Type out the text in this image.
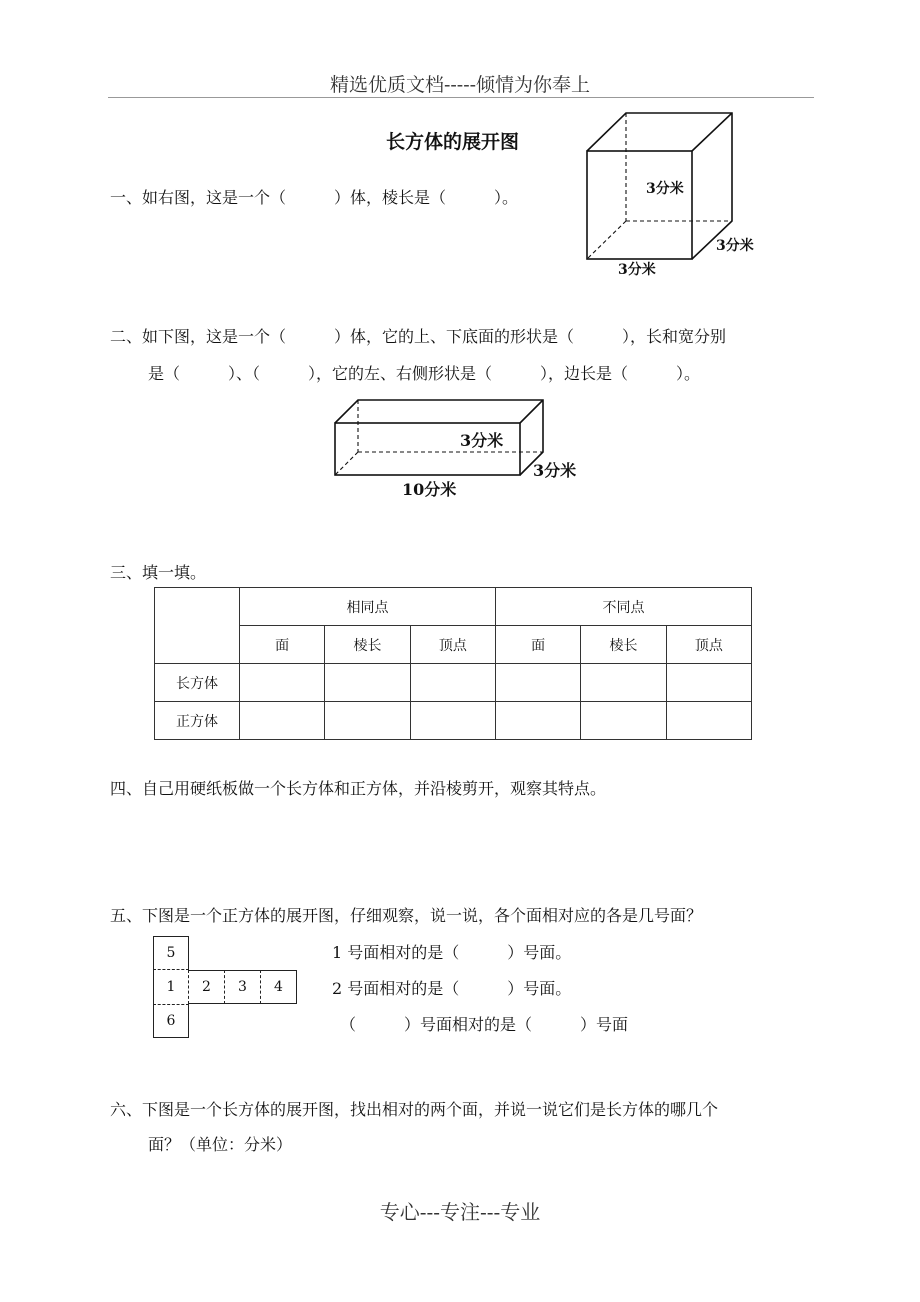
精选优质文档-----倾情为你奉上
长方体的展开图
一、如右图，这是一个（　　　）体，棱长是（　　　）。	3分米
3分米
3分米
二、如下图，这是一个（　　　）体，它的上、下底面的形状是（　　　），长和宽分别
是（　　　）、（　　　），它的左、右侧形状是（　　　），边长是（　　　）。
3分米
3分米
10分米
三、填一填。
	相同点			不同点		
	面	棱长	顶点	面	棱长	顶点
长方体						
正方体						
四、自己用硬纸板做一个长方体和正方体，并沿棱剪开，观察其特点。
五、下图是一个正方体的展开图，仔细观察，说一说，各个面相对应的各是几号面？
5
1	2	3	4
6
1 号面相对的是（　　　）号面。
2 号面相对的是（　　　）号面。
（　　　）号面相对的是（　　　）号面
六、下图是一个长方体的展开图，找出相对的两个面，并说一说它们是长方体的哪几个
面？（单位：分米）
专心---专注---专业
